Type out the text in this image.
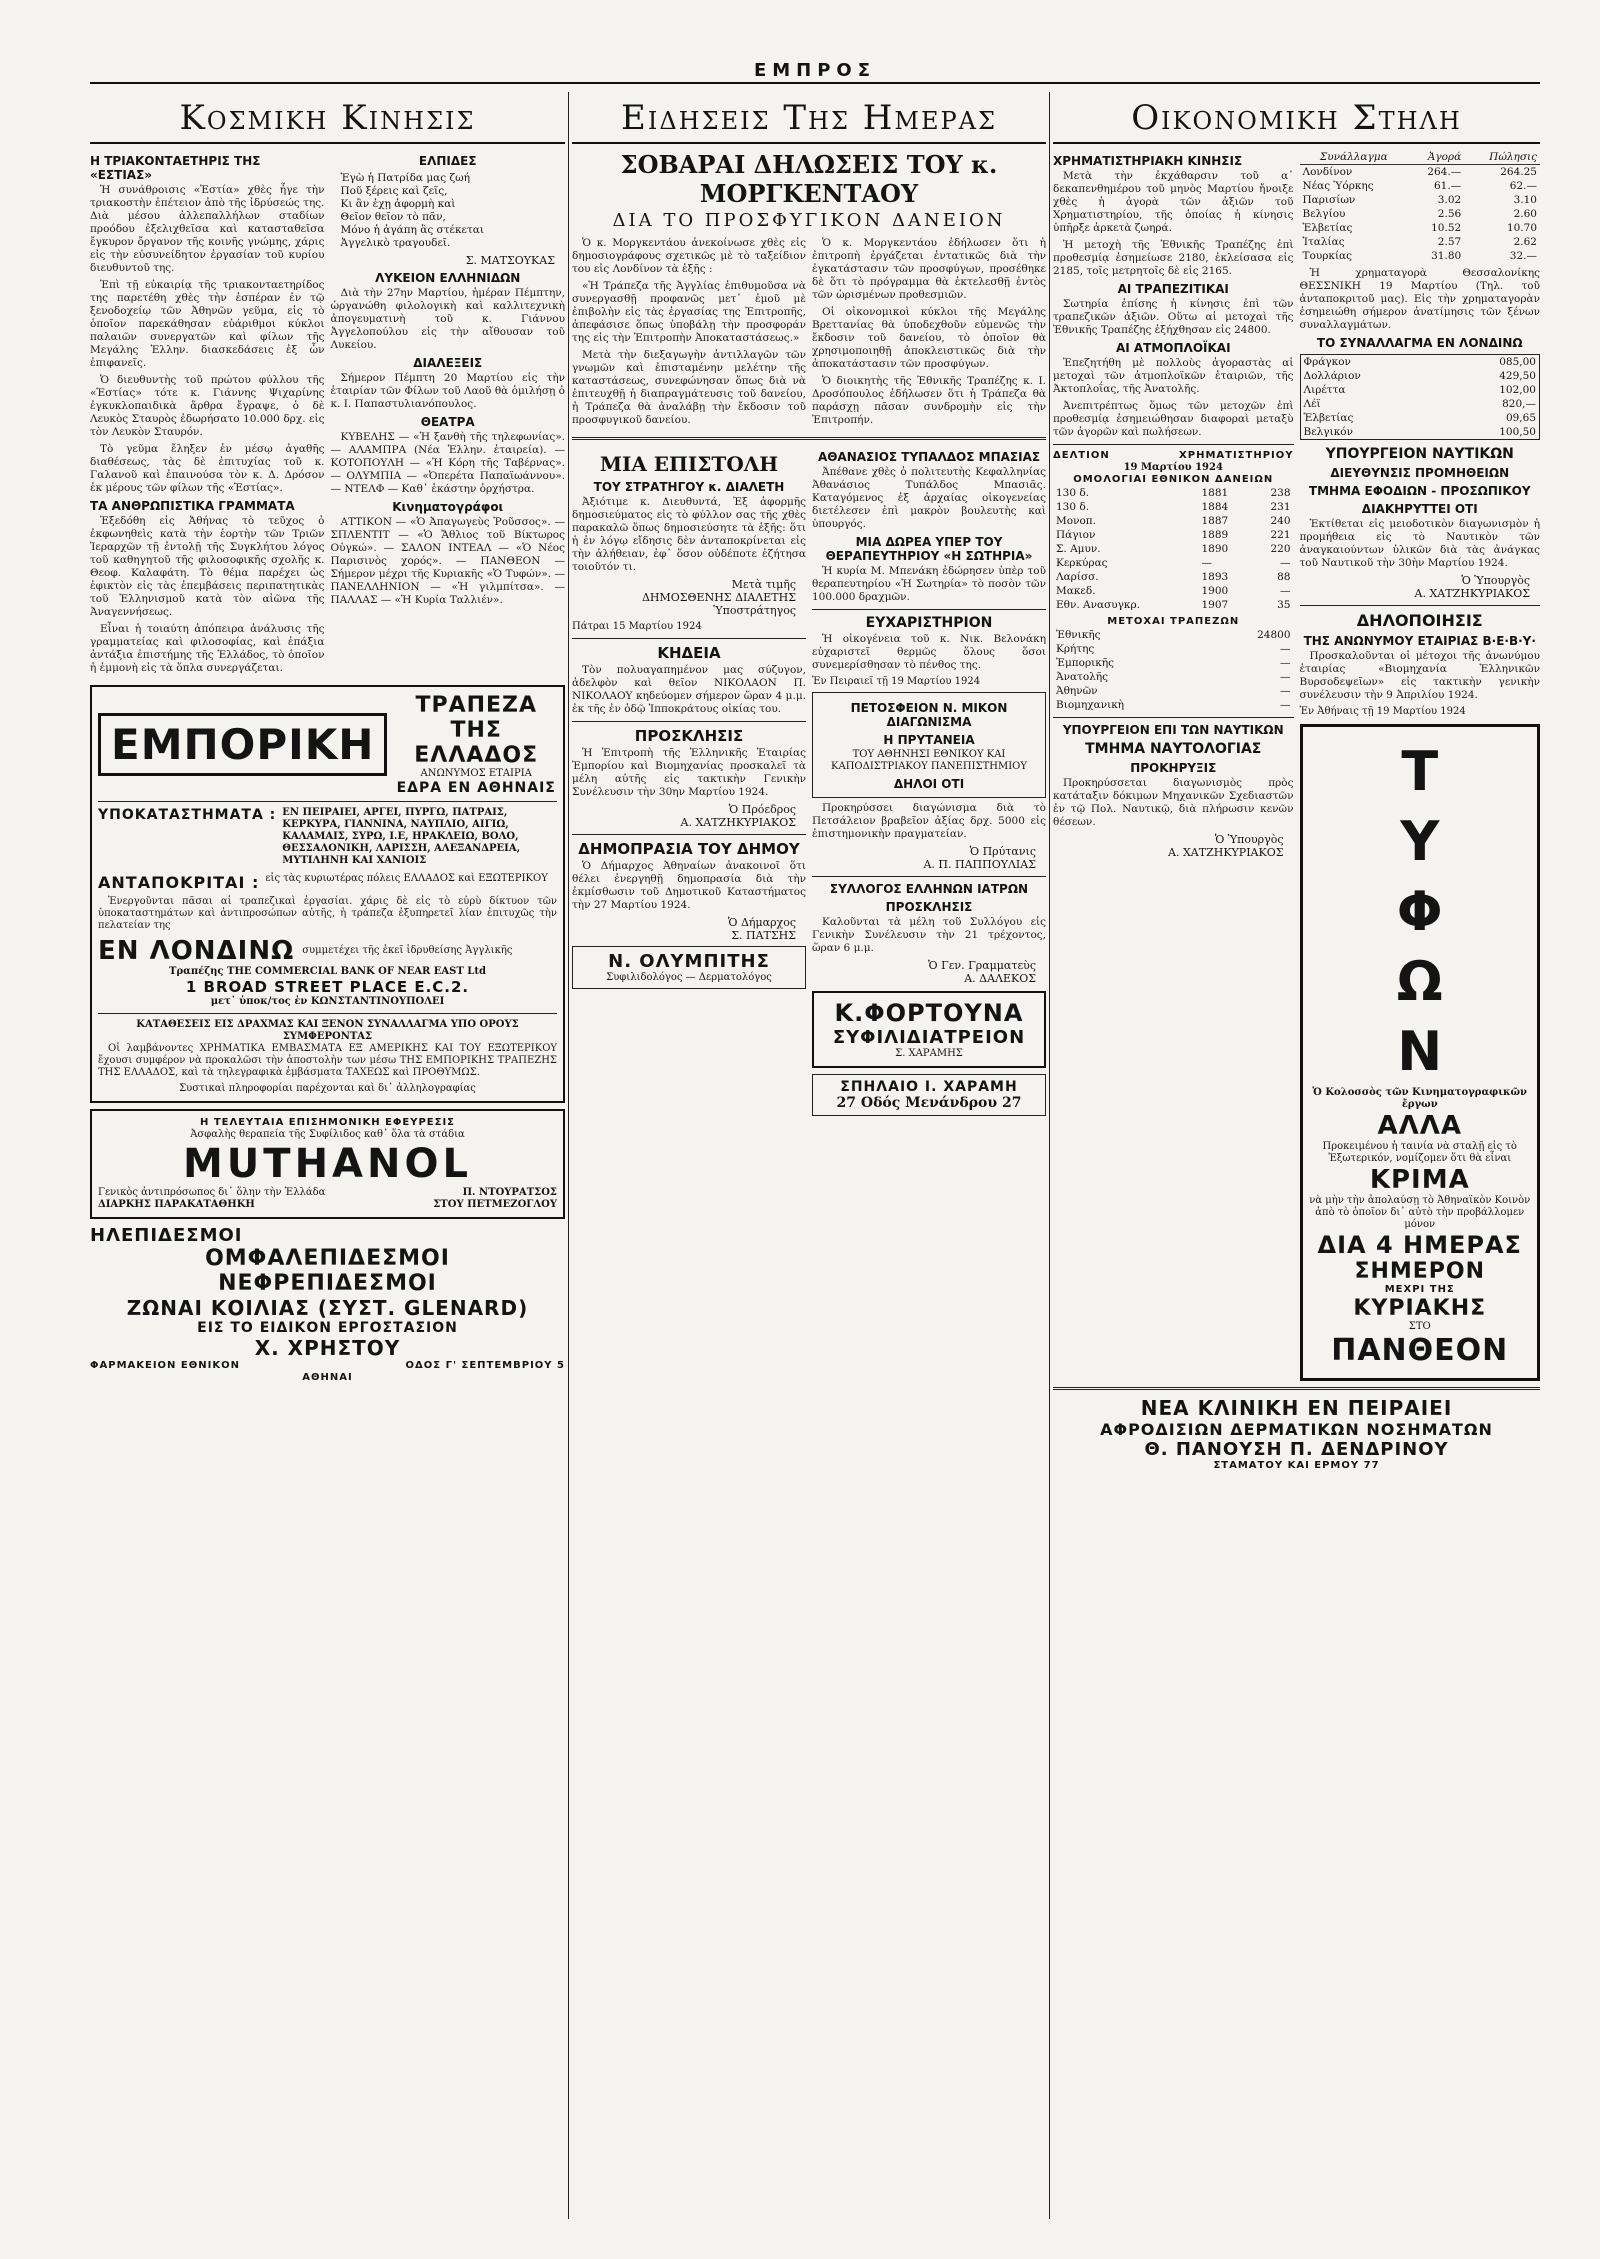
ΕΜΠΡΟΣ
Κοσμικη Κινησις
Η ΤΡΙΑΚΟΝΤΑΕΤΗΡΙΣ ΤΗΣ «ΕΣΤΙΑΣ»

Ἡ συνάθροισις «Ἑστία» χθὲς ἦγε τὴν τριακοστὴν ἐπέτειον ἀπὸ τῆς ἱδρύσεώς της. Διὰ μέσου ἀλλεπαλλήλων σταδίων προόδου ἐξελιχθεῖσα καὶ κατασταθεῖσα ἔγκυρον ὄργανον τῆς κοινῆς γνώμης, χάρις εἰς τὴν εὐσυνείδητον ἐργασίαν τοῦ κυρίου διευθυντοῦ της.

Ἐπὶ τῇ εὐκαιρίᾳ τῆς τριακονταετηρίδος της παρετέθη χθὲς τὴν ἑσπέραν ἐν τῷ ξενοδοχείῳ τῶν Ἀθηνῶν γεῦμα, εἰς τὸ ὁποῖον παρεκάθησαν εὐάριθμοι κύκλοι παλαιῶν συνεργατῶν καὶ φίλων τῆς Μεγάλης Ἑλλην. διασκεδάσεις ἐξ ὧν ἐπιφανεῖς.

Ὁ διευθυντὴς τοῦ πρώτου φύλλου τῆς «Ἑστίας» τότε κ. Γιάννης Ψιχαρίνης ἐγκυκλοπαιδικὰ ἄρθρα ἔγραψε, ὁ δὲ Λευκὸς Σταυρὸς ἐδωρήσατο 10.000 δρχ. εἰς τὸν Λευκὸν Σταυρόν.

Τὸ γεῦμα ἔληξεν ἐν μέσῳ ἀγαθῆς διαθέσεως, τὰς δὲ ἐπιτυχίας τοῦ κ. Γαλανοῦ καὶ ἐπαινούσα τὸν κ. Δ. Δρόσον ἐκ μέρους τῶν φίλων τῆς «Ἑστίας».

ΤΑ ΑΝΘΡΩΠΙΣΤΙΚΑ ΓΡΑΜΜΑΤΑ

Ἐξεδόθη εἰς Ἀθήνας τὸ τεῦχος ὁ ἐκφωνηθεὶς κατὰ τὴν ἑορτὴν τῶν Τριῶν Ἱεραρχῶν τῇ ἐντολῇ τῆς Συγκλήτου λόγος τοῦ καθηγητοῦ τῆς φιλοσοφικῆς σχολῆς κ. Θεοφ. Καλαφάτη. Τὸ θέμα παρέχει ὡς ἐφικτὸν εἰς τὰς ἐπεμβάσεις περιπατητικὰς τοῦ Ἑλληνισμοῦ κατὰ τὸν αἰῶνα τῆς Ἀναγεννήσεως.

Εἶναι ἡ τοιαύτη ἀπόπειρα ἀνάλυσις τῆς γραμματείας καὶ φιλοσοφίας, καὶ ἐπάξια ἀντάξια ἐπιστήμης τῆς Ἑλλάδος, τὸ ὁποῖον ἡ ἐμμονὴ εἰς τὰ ὅπλα συνεργάζεται.

ΕΛΠΙΔΕΣ
Ἐγὼ ἡ Πατρίδα μας ζωή
Ποῦ ξέρεις καὶ ζεῖς,
Κι ἂν ἐχῃ ἀφορμὴ καὶ
Θεῖον θεῖον τὸ πᾶν,
Μόνο ἡ ἀγάπη ἂς στέκεται
Ἀγγελικὸ τραγουδεῖ.
Σ. ΜΑΤΣΟΥΚΑΣ
ΛΥΚΕΙΟΝ ΕΛΛΗΝΙΔΩΝ

Διὰ τὴν 27ην Μαρτίου, ἡμέραν Πέμπτην, ὠργανώθη φιλολογικὴ καὶ καλλιτεχνικὴ ἀπογευματινὴ τοῦ κ. Γιάννου Ἀγγελοπούλου εἰς τὴν αἴθουσαν τοῦ Λυκείου.

ΔΙΑΛΕΞΕΙΣ

Σήμερον Πέμπτη 20 Μαρτίου εἰς τὴν ἑταιρίαν τῶν Φίλων τοῦ Λαοῦ θὰ ὁμιλήσῃ ὁ κ. Ι. Παπαστυλιανόπουλος.

ΘΕΑΤΡΑ

ΚΥΒΕΛΗΣ — «Ἡ ξανθὴ τῆς τηλεφωνίας». — ΑΛΑΜΠΡΑ (Νέα Ἑλλην. ἑταιρεία). — ΚΟΤΟΠΟΥΛΗ — «Ἡ Κόρη τῆς Ταβέρνας». — ΟΛΥΜΠΙΑ — «Ὀπερέτα Παπαϊωάννου». — ΝΤΕΛΦ — Καθ᾽ ἑκάστην ὀρχήστρα.

Κινηματογράφοι

ΑΤΤΙΚΟΝ — «Ὁ Ἀπαγωγεὺς Ῥοῦσσος». — ΣΠΛΕΝΤΙΤ — «Ὁ Ἄθλιος τοῦ Βίκτωρος Οὑγκώ». — ΣΑΛΟΝ ΙΝΤΕΑΛ — «Ὁ Νέος Παρισινὸς χορός». — ΠΑΝΘΕΟΝ — Σήμερον μέχρι τῆς Κυριακῆς «Ὁ Τυφών». — ΠΑΝΕΛΛΗΝΙΟΝ — «Ἡ γιλμπίτσα». — ΠΑΛΛΑΣ — «Ἡ Κυρία Ταλλιέν».

ΕΜΠΟΡΙΚΗ
ΤΡΑΠΕΖΑ ΤΗΣ ΕΛΛΑΔΟΣ
ΑΝΩΝΥΜΟΣ ΕΤΑΙΡΙΑ
ΕΔΡΑ ΕΝ ΑΘΗΝΑΙΣ
ΥΠΟΚΑΤΑΣΤΗΜΑΤΑ : ΕΝ ΠΕΙΡΑΙΕΙ, ΑΡΓΕΙ, ΠΥΡΓΩ, ΠΑΤΡΑΙΣ, ΚΕΡΚΥΡΑ, ΓΙΑΝΝΙΝΑ, ΝΑΥΠΛΙΟ, ΑΙΓΙΩ, ΚΑΛΑΜΑΙΣ, ΣΥΡΩ, Ι.Ε, ΗΡΑΚΛΕΙΩ, ΒΟΛΟ, ΘΕΣΣΑΛΟΝΙΚΗ, ΛΑΡΙΣΣΗ, ΑΛΕΞΑΝΔΡΕΙΑ, ΜΥΤΙΛΗΝΗ ΚΑΙ ΧΑΝΙΟΙΣ
ΑΝΤΑΠΟΚΡΙΤΑΙ : εἰς τὰς κυριωτέρας πόλεις ΕΛΛΑΔΟΣ καὶ ΕΞΩΤΕΡΙΚΟΥ

Ἐνεργοῦνται πᾶσαι αἱ τραπεζικαὶ ἐργασίαι. χάρις δὲ εἰς τὸ εὐρὺ δίκτυον τῶν ὑποκαταστημάτων καὶ ἀντιπροσώπων αὐτῆς, ἡ τράπεζα ἐξυπηρετεῖ λίαν ἐπιτυχῶς τὴν πελατείαν της

ΕΝ ΛΟΝΔΙΝΩ συμμετέχει τῆς ἐκεῖ ἱδρυθείσης Ἀγγλικῆς
Τραπέζης THE COMMERCIAL BANK OF NEAR EAST Ltd
1 BROAD STREET PLACE E.C.2.
μετ᾽ ὑποκ/τος ἐν ΚΩΝΣΤΑΝΤΙΝΟΥΠΟΛΕΙ
ΚΑΤΑΘΕΣΕΙΣ ΕΙΣ ΔΡΑΧΜΑΣ ΚΑΙ ΞΕΝΟΝ ΣΥΝΑΛΛΑΓΜΑ ΥΠΟ ΟΡΟΥΣ ΣΥΜΦΕΡΟΝΤΑΣ

Οἱ λαμβάνοντες ΧΡΗΜΑΤΙΚΑ ΕΜΒΑΣΜΑΤΑ ΕΞ ΑΜΕΡΙΚΗΣ ΚΑΙ ΤΟΥ ΕΞΩΤΕΡΙΚΟΥ ἔχουσι συμφέρον νὰ προκαλῶσι τὴν ἀποστολὴν των μέσω ΤΗΣ ΕΜΠΟΡΙΚΗΣ ΤΡΑΠΕΖΗΣ ΤΗΣ ΕΛΛΑΔΟΣ, καὶ τὰ τηλεγραφικὰ ἐμβάσματα ΤΑΧΕΩΣ καὶ ΠΡΟΘΥΜΩΣ.

Συστικαὶ πληροφορίαι παρέχονται καὶ δι᾽ ἀλληλογραφίας
Η ΤΕΛΕΥΤΑΙΑ ΕΠΙΣΗΜΟΝΙΚΗ ΕΦΕΥΡΕΣΙΣ
Ἀσφαλὴς θεραπεία τῆς Συφίλιδος καθ᾽ ὅλα τὰ στάδια
MUTHANOL
Γενικὸς ἀντιπρόσωπος δι᾽ ὅλην τὴν Ἑλλάδα	Π. ΝΤΟΥΡΑΤΣΟΣ
ΔΙΑΡΚΗΣ ΠΑΡΑΚΑΤΑΘΗΚΗ	ΣΤΟΥ ΠΕΤΜΕΖΟΓΛΟΥ
ΗΛΕΠΙΔΕΣΜΟΙ
ΟΜΦΑΛΕΠΙΔΕΣΜΟΙ
ΝΕΦΡΕΠΙΔΕΣΜΟΙ
ΖΩΝΑΙ ΚΟΙΛΙΑΣ (ΣΥΣΤ. GLENARD)
ΕΙΣ ΤΟ ΕΙΔΙΚΟΝ ΕΡΓΟΣΤΑΣΙΟΝ
Χ. ΧΡΗΣΤΟΥ
ΦΑΡΜΑΚΕΙΟΝ ΕΘΝΙΚΟΝ	ΟΔΟΣ Γ' ΣΕΠΤΕΜΒΡΙΟΥ 5
ΑΘΗΝΑΙ
Ειδησεις Της Ημερας
ΣΟΒΑΡΑΙ ΔΗΛΩΣΕΙΣ ΤΟΥ κ. ΜΟΡΓΚΕΝΤΑΟΥ
ΔΙΑ ΤΟ ΠΡΟΣΦΥΓΙΚΟΝ ΔΑΝΕΙΟΝ

Ὁ κ. Μοργκεντάου ἀνεκοίνωσε χθὲς εἰς δημοσιογράφους σχετικῶς μὲ τὸ ταξείδιον του εἰς Λονδίνον τὰ ἑξῆς :

«Ἡ Τράπεζα τῆς Ἀγγλίας ἐπιθυμοῦσα νὰ συνεργασθῇ προφανῶς μετ᾽ ἐμοῦ μὲ ἐπιβολὴν εἰς τὰς ἐργασίας της Ἐπιτροπῆς, ἀπεφάσισε ὅπως ὑποβάλῃ τὴν προσφοράν της εἰς τὴν Ἐπιτροπὴν Ἀποκαταστάσεως.»

Μετὰ τὴν διεξαγωγὴν ἀντιλλαγῶν τῶν γνωμῶν καὶ ἐπισταμένην μελέτην τῆς καταστάσεως, συνεφώνησαν ὅπως διὰ νὰ ἐπιτευχθῇ ἡ διαπραγμάτευσις τοῦ δανείου, ἡ Τράπεζα θὰ ἀναλάβῃ τὴν ἔκδοσιν τοῦ προσφυγικοῦ δανείου.

Ὁ κ. Μοργκεντάου ἐδήλωσεν ὅτι ἡ ἐπιτροπὴ ἐργάζεται ἐντατικῶς διὰ τὴν ἐγκατάστασιν τῶν προσφύγων, προσέθηκε δὲ ὅτι τὸ πρόγραμμα θὰ ἐκτελεσθῇ ἐντὸς τῶν ὡρισμένων προθεσμιῶν.

Οἱ οἰκονομικοὶ κύκλοι τῆς Μεγάλης Βρεττανίας θὰ ὑποδεχθοῦν εὐμενῶς τὴν ἔκδοσιν τοῦ δανείου, τὸ ὁποῖον θὰ χρησιμοποιηθῇ ἀποκλειστικῶς διὰ τὴν ἀποκατάστασιν τῶν προσφύγων.

Ὁ διοικητὴς τῆς Ἐθνικῆς Τραπέζης κ. Ι. Δροσόπουλος ἐδήλωσεν ὅτι ἡ Τράπεζα θὰ παράσχῃ πᾶσαν συνδρομὴν εἰς τὴν Ἐπιτροπήν.

ΜΙΑ ΕΠΙΣΤΟΛΗ
ΤΟΥ ΣΤΡΑΤΗΓΟΥ κ. ΔΙΑΛΕΤΗ

Ἀξιότιμε κ. Διευθυντά, Ἐξ ἀφορμῆς δημοσιεύματος εἰς τὸ φύλλον σας τῆς χθὲς παρακαλῶ ὅπως δημοσιεύσητε τὰ ἑξῆς: ὅτι ἡ ἐν λόγῳ εἴδησις δὲν ἀνταποκρίνεται εἰς τὴν ἀλήθειαν, ἐφ᾽ ὅσον οὐδέποτε ἐζήτησα τοιοῦτόν τι.

Μετὰ τιμῆς
ΔΗΜΟΣΘΕΝΗΣ ΔΙΑΛΕΤΗΣ
Ὑποστράτηγος
Πάτραι 15 Μαρτίου 1924
ΚΗΔΕΙΑ

Τὸν πολυαγαπημένον μας σύζυγον, ἀδελφὸν καὶ θεῖον ΝΙΚΟΛΑΟΝ Π. ΝΙΚΟΛΑΟΥ κηδεύομεν σήμερον ὥραν 4 μ.μ. ἐκ τῆς ἐν ὁδῷ Ἱπποκράτους οἰκίας του.

ΠΡΟΣΚΛΗΣΙΣ

Ἡ Ἐπιτροπὴ τῆς Ἑλληνικῆς Ἐταιρίας Ἐμπορίου καὶ Βιομηχανίας προσκαλεῖ τὰ μέλη αὐτῆς εἰς τακτικὴν Γενικὴν Συνέλευσιν τὴν 30ην Μαρτίου 1924.

Ὁ Πρόεδρος
Α. ΧΑΤΖΗΚΥΡΙΑΚΟΣ
ΔΗΜΟΠΡΑΣΙΑ ΤΟΥ ΔΗΜΟΥ

Ὁ Δήμαρχος Ἀθηναίων ἀνακοινοῖ ὅτι θέλει ἐνεργηθῇ δημοπρασία διὰ τὴν ἐκμίσθωσιν τοῦ Δημοτικοῦ Καταστήματος τὴν 27 Μαρτίου 1924.

Ὁ Δήμαρχος
Σ. ΠΑΤΣΗΣ
Ν. ΟΛΥΜΠΙΤΗΣ
Συφιλιδολόγος — Δερματολόγος
ΑΘΑΝΑΣΙΟΣ ΤΥΠΑΛΔΟΣ ΜΠΑΣΙΑΣ

Ἀπέθανε χθὲς ὁ πολιτευτὴς Κεφαλληνίας Ἀθανάσιος Τυπάλδος Μπασιᾶς. Καταγόμενος ἐξ ἀρχαίας οἰκογενείας διετέλεσεν ἐπὶ μακρὸν βουλευτὴς καὶ ὑπουργός.

ΜΙΑ ΔΩΡΕΑ ΥΠΕΡ ΤΟΥ ΘΕΡΑΠΕΥΤΗΡΙΟΥ «Η ΣΩΤΗΡΙΑ»

Ἡ κυρία Μ. Μπενάκη ἐδώρησεν ὑπὲρ τοῦ θεραπευτηρίου «Ἡ Σωτηρία» τὸ ποσὸν τῶν 100.000 δραχμῶν.

ΕΥΧΑΡΙΣΤΗΡΙΟΝ

Ἡ οἰκογένεια τοῦ κ. Νικ. Βελονάκη εὐχαριστεῖ θερμῶς ὅλους ὅσοι συνεμερίσθησαν τὸ πένθος της.

Ἐν Πειραιεῖ τῇ 19 Μαρτίου 1924
ΠΕΤΟΣΦΕΙΟΝ Ν. ΜΙΚΟΝ ΔΙΑΓΩΝΙΣΜΑ
Η ΠΡΥΤΑΝΕΙΑ
ΤΟΥ ΑΘΗΝΗΣΙ ΕΘΝΙΚΟΥ ΚΑΙ ΚΑΠΟΔΙΣΤΡΙΑΚΟΥ ΠΑΝΕΠΙΣΤΗΜΙΟΥ
ΔΗΛΟΙ ΟΤΙ

Προκηρύσσει διαγώνισμα διὰ τὸ Πετσάλειον βραβεῖον ἀξίας δρχ. 5000 εἰς ἐπιστημονικὴν πραγματείαν.

Ὁ Πρύτανις
Α. Π. ΠΑΠΠΟΥΛΙΑΣ
ΣΥΛΛΟΓΟΣ ΕΛΛΗΝΩΝ ΙΑΤΡΩΝ
ΠΡΟΣΚΛΗΣΙΣ

Καλοῦνται τὰ μέλη τοῦ Συλλόγου εἰς Γενικὴν Συνέλευσιν τὴν 21 τρέχοντος, ὥραν 6 μ.μ.

Ὁ Γεν. Γραμματεὺς
Α. ΔΑΛΕΚΟΣ
Κ.ΦΟΡΤΟΥΝΑ
ΣΥΦΙΛΙΔΙΑΤΡΕΙΟΝ
Σ. ΧΑΡΑΜΗΣ
ΣΠΗΛΑΙΟ Ι. ΧΑΡΑΜΗ
27 Οδός Μενάνδρου 27
Οικονομικη Στηλη
ΧΡΗΜΑΤΙΣΤΗΡΙΑΚΗ ΚΙΝΗΣΙΣ

Μετὰ τὴν ἐκχάθαρσιν τοῦ α᾽ δεκαπενθημέρου τοῦ μηνὸς Μαρτίου ἤνοιξε χθὲς ἡ ἀγορὰ τῶν ἀξιῶν τοῦ Χρηματιστηρίου, τῆς ὁποίας ἡ κίνησις ὑπῆρξε ἀρκετὰ ζωηρά.

Ἡ μετοχὴ τῆς Ἐθνικῆς Τραπέζης ἐπὶ προθεσμίᾳ ἐσημείωσε 2180, ἐκλείσασα εἰς 2185, τοῖς μετρητοῖς δὲ εἰς 2165.

ΑΙ ΤΡΑΠΕΖΙΤΙΚΑΙ

Σωτηρία ἐπίσης ἡ κίνησις ἐπὶ τῶν τραπεζικῶν ἀξιῶν. Οὕτω αἱ μετοχαὶ τῆς Ἐθνικῆς Τραπέζης ἐξήχθησαν εἰς 24800.

ΑΙ ΑΤΜΟΠΛΟΪΚΑΙ

Ἐπεζητήθη μὲ πολλοὺς ἀγοραστὰς αἱ μετοχαὶ τῶν ἀτμοπλοϊκῶν ἑταιριῶν, τῆς Ἀκτοπλοΐας, τῆς Ἀνατολῆς.

Ἀνεπιτρέπτως ὅμως τῶν μετοχῶν ἐπὶ προθεσμίᾳ ἐσημειώθησαν διαφοραὶ μεταξὺ τῶν ἀγορῶν καὶ πωλήσεων.

ΔΕΛΤΙΟΝ	ΧΡΗΜΑΤΙΣΤΗΡΙΟΥ
19 Μαρτίου 1924
ΟΜΟΛΟΓΙΑΙ ΕΘΝΙΚΟΝ ΔΑΝΕΙΩΝ
130 δ.	1881	238
130 δ.	1884	231
Μονοπ.	1887	240
Πάγιον	1889	221
Σ. Αμυν.	1890	220
Κερκύρας	—	—
Λαρίσσ.	1893	88
Μακεδ.	1900	—
Εθν. Ανασυγκρ.	1907	35
ΜΕΤΟΧΑΙ ΤΡΑΠΕΖΩΝ
Ἐθνικῆς	24800
Κρήτης	—
Ἐμπορικῆς	—
Ἀνατολῆς	—
Ἀθηνῶν	—
Βιομηχανικὴ	—
ΥΠΟΥΡΓΕΙΟΝ ΕΠΙ ΤΩΝ ΝΑΥΤΙΚΩΝ
ΤΜΗΜΑ ΝΑΥΤΟΛΟΓΙΑΣ
ΠΡΟΚΗΡΥΞΙΣ

Προκηρύσσεται διαγωνισμὸς πρὸς κατάταξιν δόκιμων Μηχανικῶν Σχεδιαστῶν ἐν τῷ Πολ. Ναυτικῷ, διὰ πλήρωσιν κενῶν θέσεων.

Ὁ Ὑπουργὸς
Α. ΧΑΤΖΗΚΥΡΙΑΚΟΣ
Συνάλλαγμα	Ἀγορά	Πώλησις
Λονδίνον	264.—	264.25
Νέας Ὑόρκης	61.—	62.—
Παρισίων	3.02	3.10
Βελγίου	2.56	2.60
Ἑλβετίας	10.52	10.70
Ἰταλίας	2.57	2.62
Τουρκίας	31.80	32.—

Ἡ χρηματαγορὰ Θεσσαλονίκης ΘΕΣΣΝΙΚΗ 19 Μαρτίου (Τηλ. τοῦ ἀνταποκριτοῦ μας). Εἰς τὴν χρηματαγορὰν ἐσημειώθη σήμερον ἀνατίμησις τῶν ξένων συναλλαγμάτων.

ΤΟ ΣΥΝΑΛΛΑΓΜΑ ΕΝ ΛΟΝΔΙΝΩ
Φράγκον	085,00
Δολλάριον	429,50
Λιρέττα	102,00
Λέϊ	820,—
Ἑλβετίας	09,65
Βελγικόν	100,50
ΥΠΟΥΡΓΕΙΟΝ ΝΑΥΤΙΚΩΝ
ΔΙΕΥΘΥΝΣΙΣ ΠΡΟΜΗΘΕΙΩΝ
ΤΜΗΜΑ ΕΦΟΔΙΩΝ - ΠΡΟΣΩΠΙΚΟΥ
ΔΙΑΚΗΡΥΤΤΕΙ ΟΤΙ

Ἐκτίθεται εἰς μειοδοτικὸν διαγωνισμὸν ἡ προμήθεια εἰς τὸ Ναυτικὸν τῶν ἀναγκαιούντων ὑλικῶν διὰ τὰς ἀνάγκας τοῦ Ναυτικοῦ τὴν 30ὴν Μαρτίου 1924.

Ὁ Ὑπουργὸς
Α. ΧΑΤΖΗΚΥΡΙΑΚΟΣ
ΔΗΛΟΠΟΙΗΣΙΣ
ΤΗΣ ΑΝΩΝΥΜΟΥ ΕΤΑΙΡΙΑΣ Β·Ε·Β·Υ·

Προσκαλοῦνται οἱ μέτοχοι τῆς ἀνωνύμου ἑταιρίας «Βιομηχανία Ἑλληνικῶν Βυρσοδεψεῖων» εἰς τακτικὴν γενικὴν συνέλευσιν τὴν 9 Ἀπριλίου 1924.

Ἐν Ἀθήναις τῇ 19 Μαρτίου 1924
Τ
Υ
Φ
Ω
Ν
Ὁ Κολοσσὸς τῶν Κινηματογραφικῶν ἔργων
ΑΛΛΑ
Προκειμένου ἡ ταινία νὰ σταλῇ εἰς τὸ Ἐξωτερικόν, νομίζομεν ὅτι θὰ εἶναι
ΚΡΙΜΑ
νὰ μὴν τὴν ἀπολαύσῃ τὸ Ἀθηναϊκὸν Κοινὸν ἀπὸ τὸ ὁποῖον δι᾽ αὐτὸ τὴν προβάλλομεν μόνον
ΔΙΑ 4 ΗΜΕΡΑΣ
ΣΗΜΕΡΟΝ
ΜΕΧΡΙ ΤΗΣ
ΚΥΡΙΑΚΗΣ
ΣΤΟ
ΠΑΝΘΕΟΝ
ΝΕΑ ΚΛΙΝΙΚΗ ΕΝ ΠΕΙΡΑΙΕΙ
ΑΦΡΟΔΙΣΙΩΝ ΔΕΡΜΑΤΙΚΩΝ ΝΟΣΗΜΑΤΩΝ
Θ. ΠΑΝΟΥΣΗ Π. ΔΕΝΔΡΙΝΟΥ
ΣΤΑΜΑΤΟΥ ΚΑΙ ΕΡΜΟΥ 77
